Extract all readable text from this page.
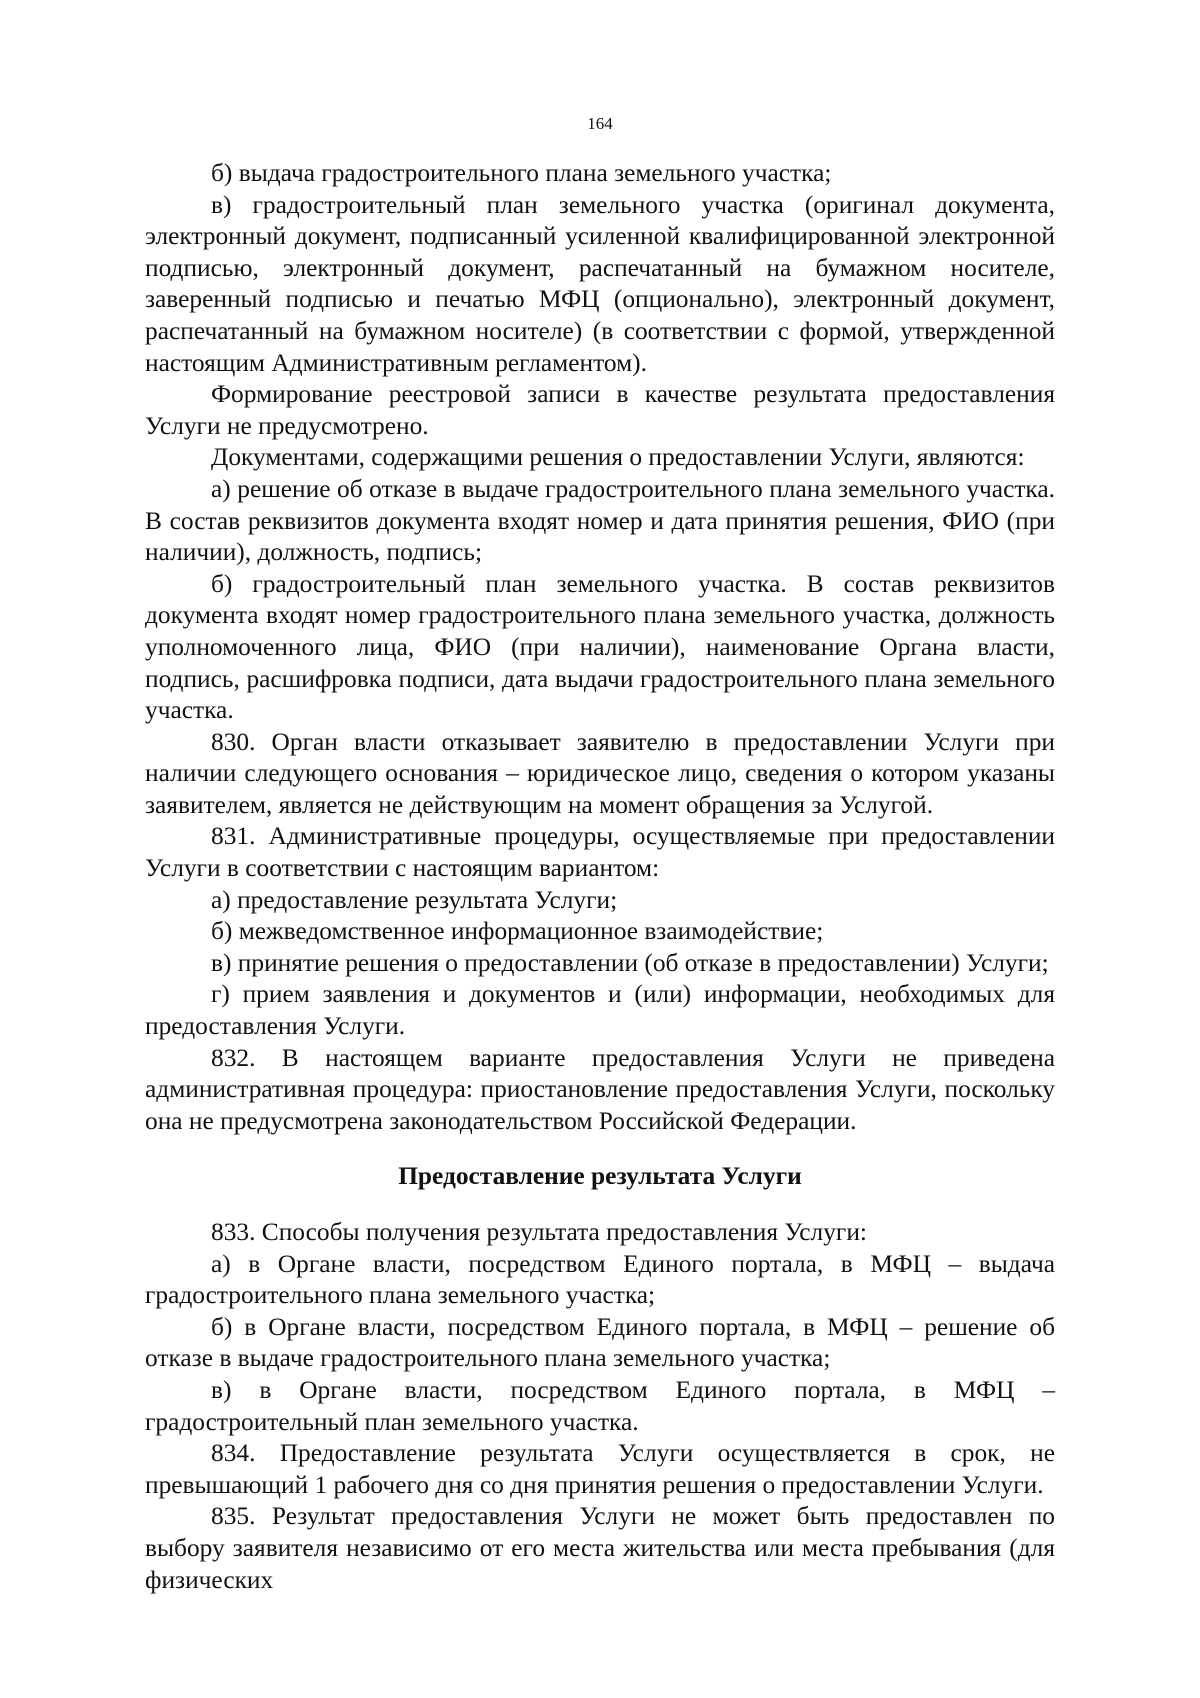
164

б) выдача градостроительного плана земельного участка;

в) градостроительный план земельного участка (оригинал документа, электронный документ, подписанный усиленной квалифицированной электронной подписью, электронный документ, распечатанный на бумажном носителе, заверенный подписью и печатью МФЦ (опционально), электронный документ, распечатанный на бумажном носителе) (в соответствии с формой, утвержденной настоящим Административным регламентом).

Формирование реестровой записи в качестве результата предоставления Услуги не предусмотрено.

Документами, содержащими решения о предоставлении Услуги, являются:

а) решение об отказе в выдаче градостроительного плана земельного участка. В состав реквизитов документа входят номер и дата принятия решения, ФИО (при наличии), должность, подпись;

б) градостроительный план земельного участка. В состав реквизитов документа входят номер градостроительного плана земельного участка, должность уполномоченного лица, ФИО (при наличии), наименование Органа власти, подпись, расшифровка подписи, дата выдачи градостроительного плана земельного участка.

830. Орган власти отказывает заявителю в предоставлении Услуги при наличии следующего основания – юридическое лицо, сведения о котором указаны заявителем, является не действующим на момент обращения за Услугой.

831. Административные процедуры, осуществляемые при предоставлении Услуги в соответствии с настоящим вариантом:

а) предоставление результата Услуги;

б) межведомственное информационное взаимодействие;

в) принятие решения о предоставлении (об отказе в предоставлении) Услуги;

г) прием заявления и документов и (или) информации, необходимых для предоставления Услуги.

832. В настоящем варианте предоставления Услуги не приведена административная процедура: приостановление предоставления Услуги, поскольку она не предусмотрена законодательством Российской Федерации.

Предоставление результата Услуги

833. Способы получения результата предоставления Услуги:

а) в Органе власти, посредством Единого портала, в МФЦ – выдача градостроительного плана земельного участка;

б) в Органе власти, посредством Единого портала, в МФЦ – решение об отказе в выдаче градостроительного плана земельного участка;

в) в Органе власти, посредством Единого портала, в МФЦ – градостроительный план земельного участка.

834. Предоставление результата Услуги осуществляется в срок, не превышающий 1 рабочего дня со дня принятия решения о предоставлении Услуги.

835. Результат предоставления Услуги не может быть предоставлен по выбору заявителя независимо от его места жительства или места пребывания (для физических
